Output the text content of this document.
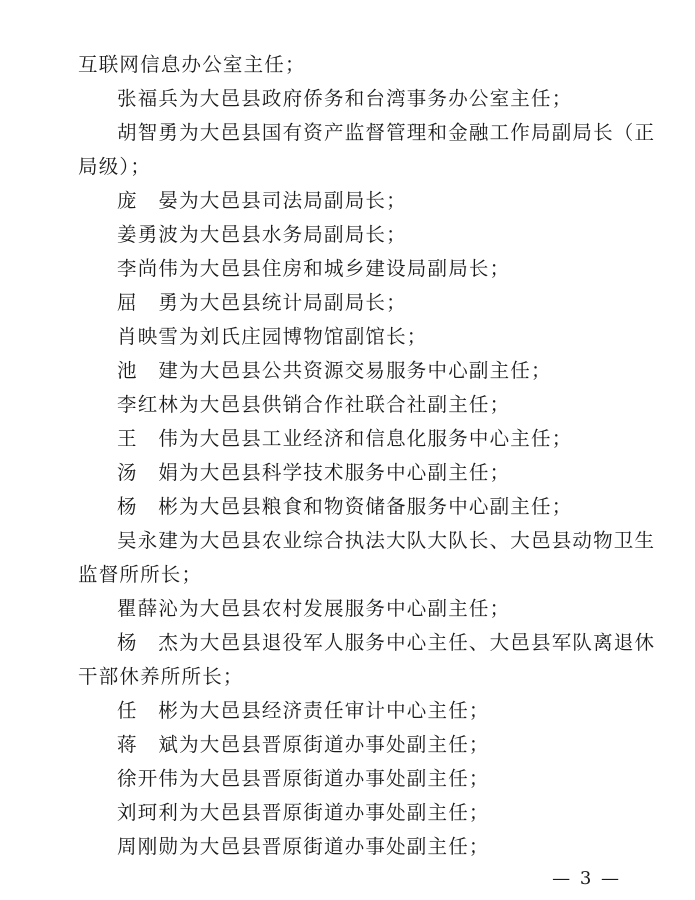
互联网信息办公室主任；
张福兵为大邑县政府侨务和台湾事务办公室主任；
胡智勇为大邑县国有资产监督管理和金融工作局副局长（正
局级）；
庞　晏为大邑县司法局副局长；
姜勇波为大邑县水务局副局长；
李尚伟为大邑县住房和城乡建设局副局长；
屈　勇为大邑县统计局副局长；
肖映雪为刘氏庄园博物馆副馆长；
池　建为大邑县公共资源交易服务中心副主任；
李红林为大邑县供销合作社联合社副主任；
王　伟为大邑县工业经济和信息化服务中心主任；
汤　娟为大邑县科学技术服务中心副主任；
杨　彬为大邑县粮食和物资储备服务中心副主任；
吴永建为大邑县农业综合执法大队大队长、大邑县动物卫生
监督所所长；
瞿薛沁为大邑县农村发展服务中心副主任；
杨　杰为大邑县退役军人服务中心主任、大邑县军队离退休
干部休养所所长；
任　彬为大邑县经济责任审计中心主任；
蒋　斌为大邑县晋原街道办事处副主任；
徐开伟为大邑县晋原街道办事处副主任；
刘珂利为大邑县晋原街道办事处副主任；
周刚勋为大邑县晋原街道办事处副主任；
— 3 —
